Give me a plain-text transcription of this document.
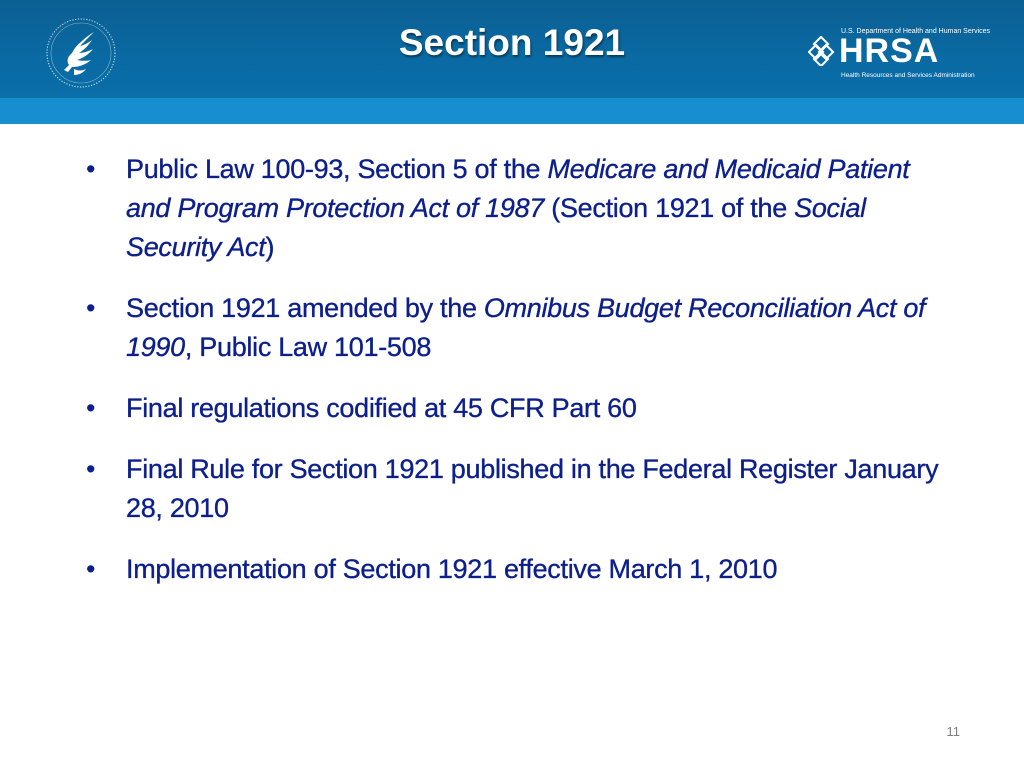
Section 1921	U.S. Department of Health and Human Services
HRSA
Health Resources and Services Administration
• Public Law 100-93, Section 5 of the Medicare and Medicaid Patient and Program Protection Act of 1987 (Section 1921 of the Social Security Act)
• Section 1921 amended by the Omnibus Budget Reconciliation Act of 1990, Public Law 101-508
• Final regulations codified at 45 CFR Part 60
• Final Rule for Section 1921 published in the Federal Register January 28, 2010
• Implementation of Section 1921 effective March 1, 2010
11
